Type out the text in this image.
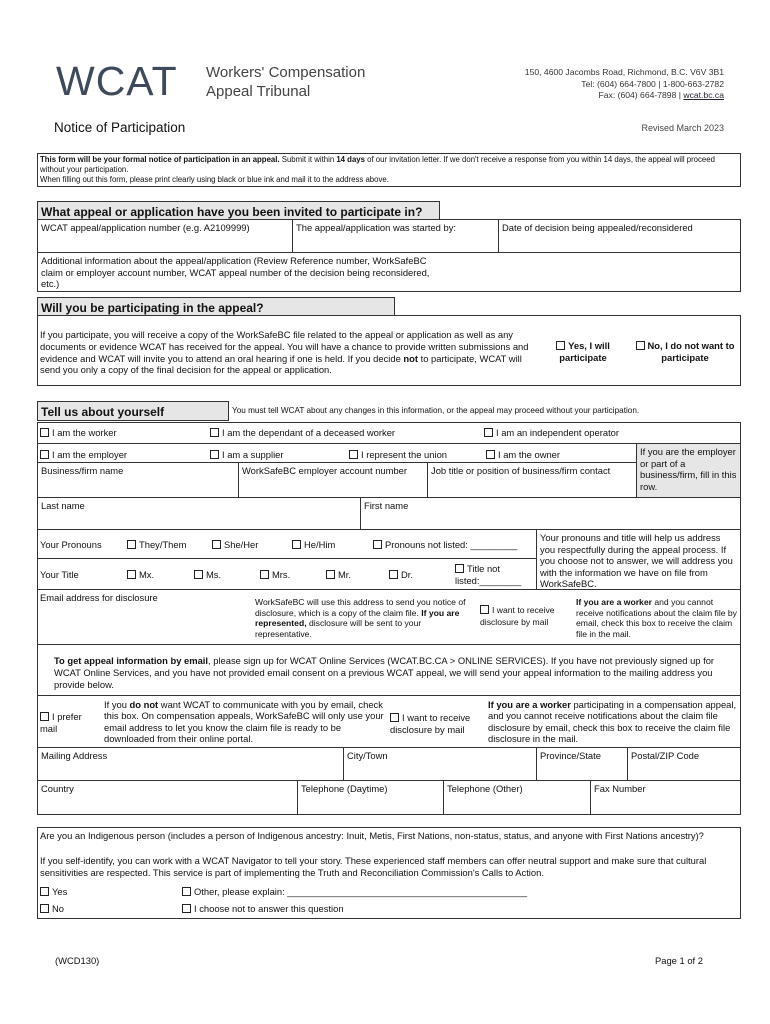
WCAT Workers' Compensation
Appeal Tribunal
150, 4600 Jacombs Road, Richmond, B.C. V6V 3B1
Tel: (604) 664-7800 | 1-800-663-2782
Fax: (604) 664-7898 | wcat.bc.ca
Notice of Participation	Revised March 2023
This form will be your formal notice of participation in an appeal. Submit it within 14 days of our invitation letter. If we don't receive a response from you within 14 days, the appeal will proceed without your participation.
When filling out this form, please print clearly using black or blue ink and mail it to the address above.
What appeal or application have you been invited to participate in?
WCAT appeal/application number (e.g. A2109999)	The appeal/application was started by:	Date of decision being appealed/reconsidered
Additional information about the appeal/application (Review Reference number, WorkSafeBC claim or employer account number, WCAT appeal number of the decision being reconsidered, etc.)
Will you be participating in the appeal?
If you participate, you will receive a copy of the WorkSafeBC file related to the appeal or application as well as any documents or evidence WCAT has received for the appeal. You will have a chance to provide written submissions and evidence and WCAT will invite you to attend an oral hearing if one is held. If you decide not to participate, WCAT will send you only a copy of the final decision for the appeal or application.
Yes, I will participate
No, I do not want to participate
Tell us about yourself	You must tell WCAT about any changes in this information, or the appeal may proceed without your participation.
I am the worker	I am the dependant of a deceased worker	I am an independent operator
I am the employer	I am a supplier	I represent the union	I am the owner	If you are the employer or part of a business/firm, fill in this row.
Business/firm name	WorkSafeBC employer account number	Job title or position of business/firm contact
Last name	First name
Your Pronouns	They/Them	She/Her	He/Him	Pronouns not listed: _________
Your pronouns and title will help us address you respectfully during the appeal process. If you choose not to answer, we will address you with the information we have on file from WorkSafeBC.
Your Title	Mx.	Ms.	Mrs.	Mr.	Dr.
Title not listed:________
Email address for disclosure	WorkSafeBC will use this address to send you notice of disclosure, which is a copy of the claim file. If you are represented, disclosure will be sent to your representative.
I want to receive disclosure by mail
If you are a worker and you cannot receive notifications about the claim file by email, check this box to receive the claim file in the mail.
To get appeal information by email, please sign up for WCAT Online Services (WCAT.BC.CA > ONLINE SERVICES). If you have not previously signed up for WCAT Online Services, and you have not provided email consent on a previous WCAT appeal, we will send your appeal information to the mailing address you provide below.
I prefer mail
If you do not want WCAT to communicate with you by email, check this box. On compensation appeals, WorkSafeBC will only use your email address to let you know the claim file is ready to be downloaded from their online portal.
I want to receive disclosure by mail
If you are a worker participating in a compensation appeal, and you cannot receive notifications about the claim file disclosure by email, check this box to receive the claim file disclosure in the mail.
Mailing Address	City/Town	Province/State	Postal/ZIP Code
Country	Telephone (Daytime)	Telephone (Other)	Fax Number
Are you an Indigenous person (includes a person of Indigenous ancestry: Inuit, Metis, First Nations, non-status, status, and anyone with First Nations ancestry)?
If you self-identify, you can work with a WCAT Navigator to tell your story. These experienced staff members can offer neutral support and make sure that cultural sensitivities are respected. This service is part of implementing the Truth and Reconciliation Commission's Calls to Action.
Yes
No
Other, please explain: ______________________________________________
I choose not to answer this question
(WCD130)	Page 1 of 2
